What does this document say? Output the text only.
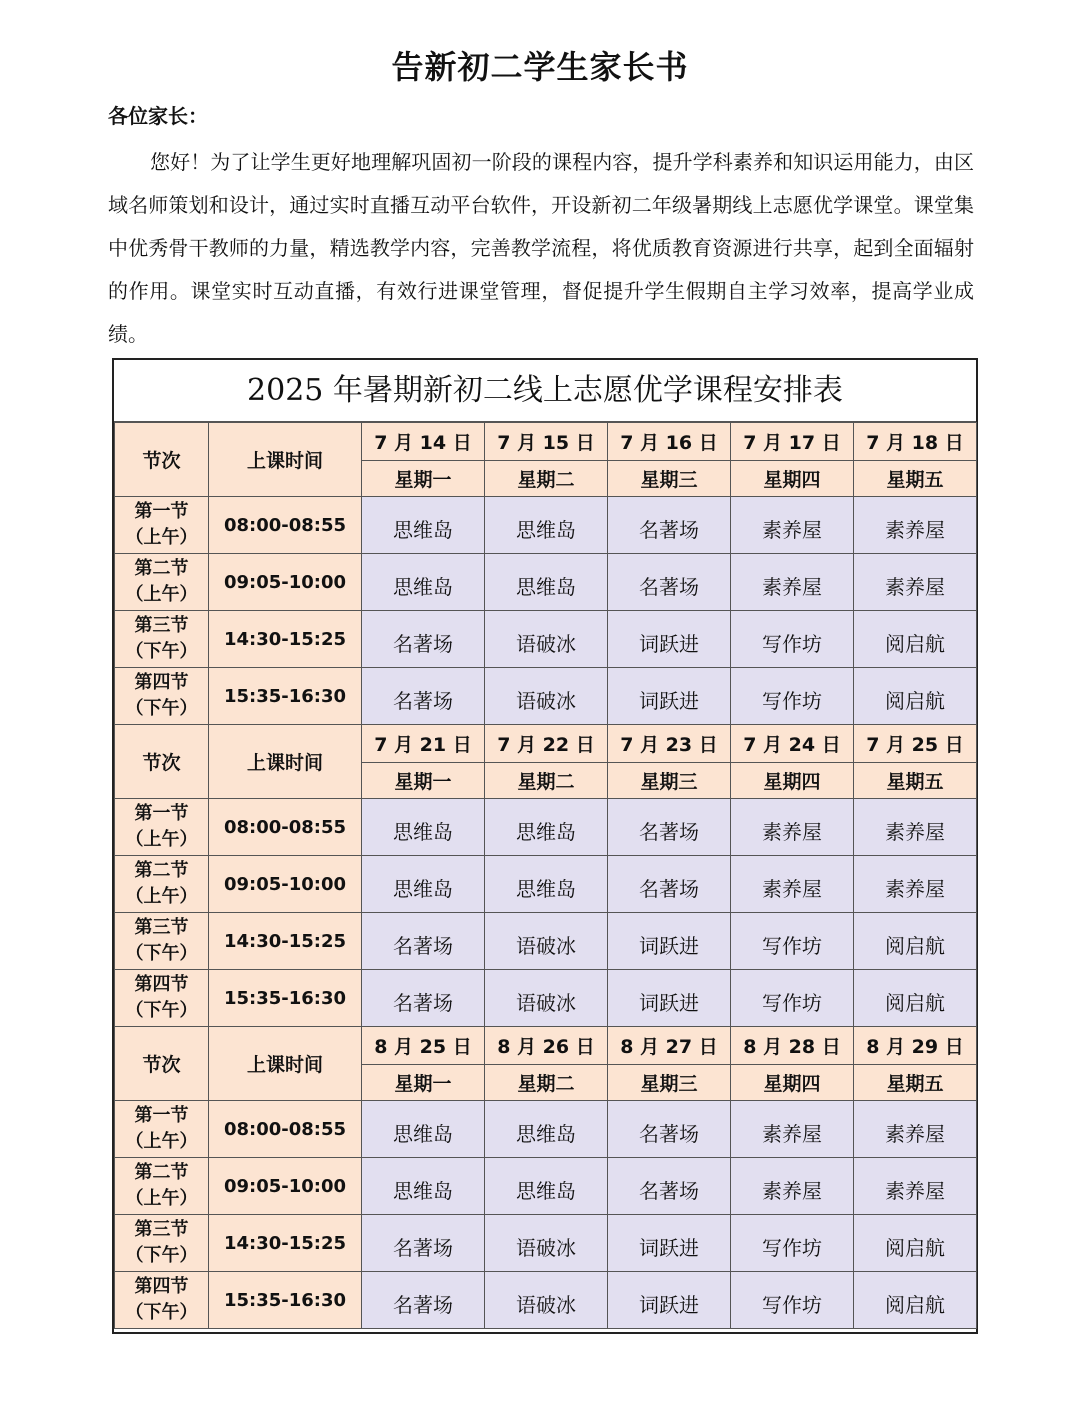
告新初二学生家长书

各位家长：

您好！为了让学生更好地理解巩固初一阶段的课程内容，提升学科素养和知识运用能力，由区域名师策划和设计，通过实时直播互动平台软件，开设新初二年级暑期线上志愿优学课堂。课堂集中优秀骨干教师的力量，精选教学内容，完善教学流程，将优质教育资源进行共享，起到全面辐射的作用。课堂实时互动直播，有效行进课堂管理，督促提升学生假期自主学习效率，提高学业成绩。

2025 年暑期新初二线上志愿优学课程安排表
节次	上课时间	7 月 14 日	7 月 15 日	7 月 16 日	7 月 17 日	7 月 18 日
		星期一	星期二	星期三	星期四	星期五

第一节
（上午）	08:00-08:55	思维岛	思维岛	名著场	素养屋	素养屋

第二节
（上午）	09:05-10:00	思维岛	思维岛	名著场	素养屋	素养屋

第三节
（下午）	14:30-15:25	名著场	语破冰	词跃进	写作坊	阅启航

第四节
（下午）	15:35-16:30	名著场	语破冰	词跃进	写作坊	阅启航
节次	上课时间	7 月 21 日	7 月 22 日	7 月 23 日	7 月 24 日	7 月 25 日
		星期一	星期二	星期三	星期四	星期五

第一节
（上午）	08:00-08:55	思维岛	思维岛	名著场	素养屋	素养屋

第二节
（上午）	09:05-10:00	思维岛	思维岛	名著场	素养屋	素养屋

第三节
（下午）	14:30-15:25	名著场	语破冰	词跃进	写作坊	阅启航

第四节
（下午）	15:35-16:30	名著场	语破冰	词跃进	写作坊	阅启航
节次	上课时间	8 月 25 日	8 月 26 日	8 月 27 日	8 月 28 日	8 月 29 日
		星期一	星期二	星期三	星期四	星期五

第一节
（上午）	08:00-08:55	思维岛	思维岛	名著场	素养屋	素养屋

第二节
（上午）	09:05-10:00	思维岛	思维岛	名著场	素养屋	素养屋

第三节
（下午）	14:30-15:25	名著场	语破冰	词跃进	写作坊	阅启航

第四节
（下午）	15:35-16:30	名著场	语破冰	词跃进	写作坊	阅启航
